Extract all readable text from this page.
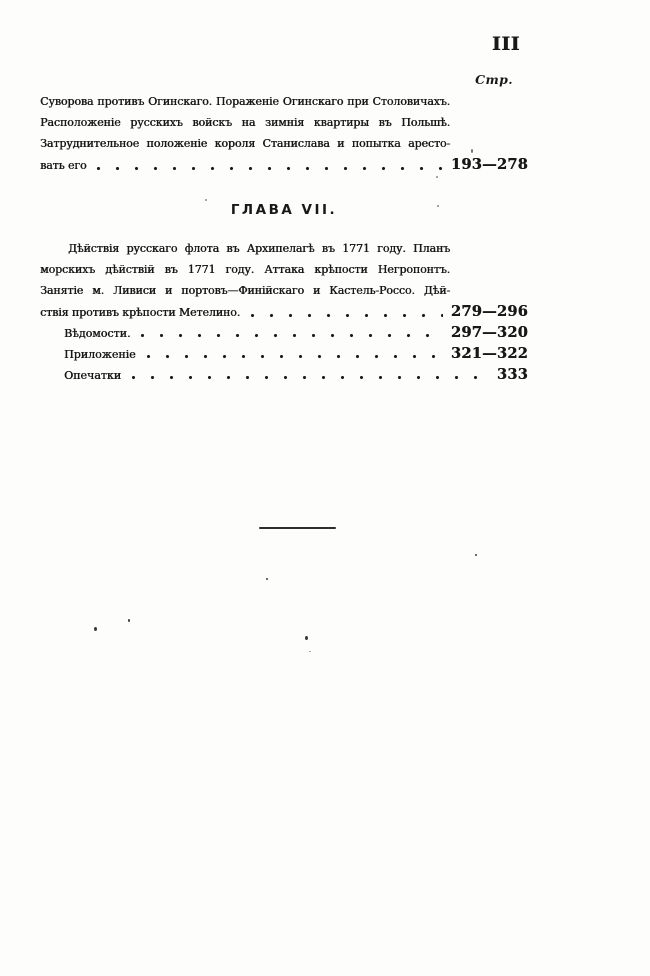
III
Стр.
Суворова противъ Огинскаго. Пораженіе Огинскаго при Столовичахъ.
Расположеніе русскихъ войскъ на зимнія квартиры въ Польшѣ.
Затруднительное положеніе короля Станислава и попытка аресто-
вать его	193—278
ГЛАВА VII.
Дѣйствія русскаго флота въ Архипелагѣ въ 1771 году. Планъ
морскихъ дѣйствій въ 1771 году. Аттака крѣпости Негропонтъ.
Занятіе м. Ливиси и портовъ—Финійскаго и Кастель-Россо. Дѣй-
ствія противъ крѣпости Метелино.	279—296
Вѣдомости.	297—320
Приложеніе	321—322
Опечатки	333
